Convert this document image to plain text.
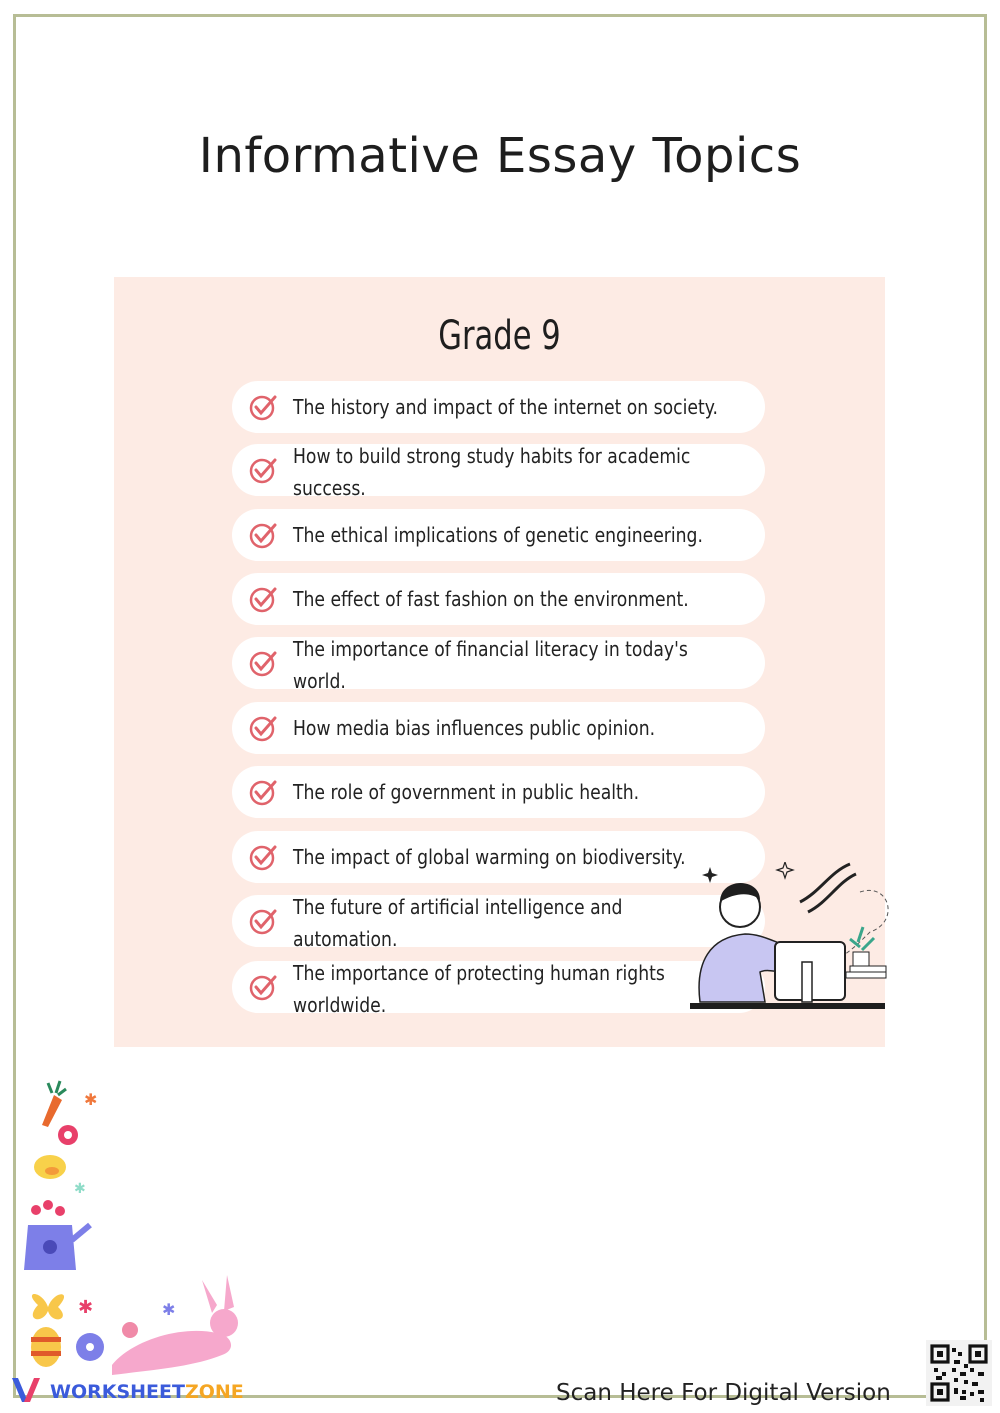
Informative Essay Topics
Grade 9
The history and impact of the internet on society.
How to build strong study habits for academic
success.
The ethical implications of genetic engineering.
The effect of fast fashion on the environment.
The importance of financial literacy in today's
world.
How media bias influences public opinion.
The role of government in public health.
The impact of global warming on biodiversity.
The future of artificial intelligence and
automation.
The importance of protecting human rights
worldwide.
✱
✱
✱	✱
WORKSHEETZONE	Scan Here For Digital Version
